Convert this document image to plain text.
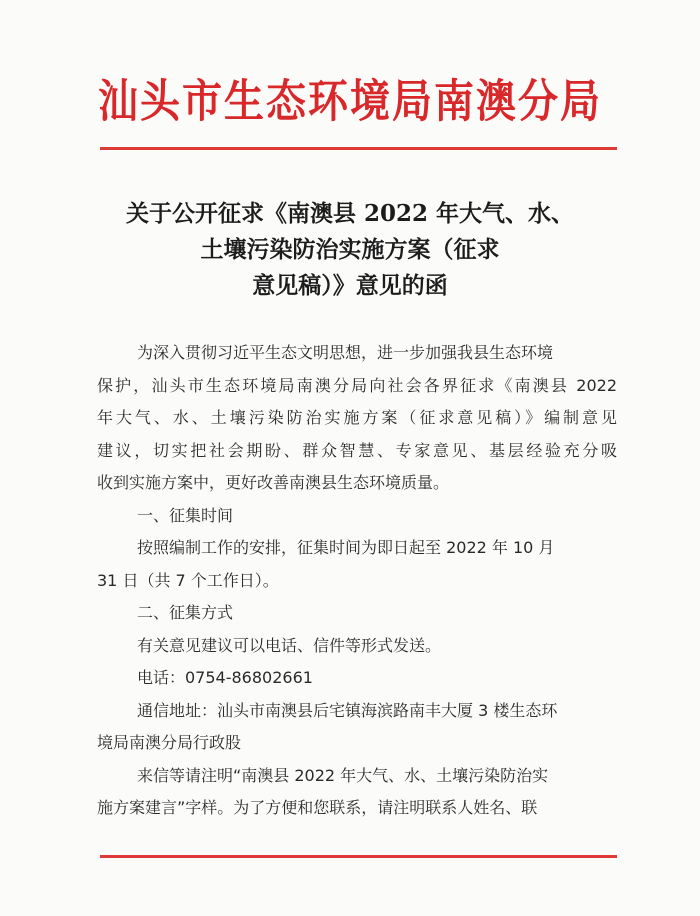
汕头市生态环境局南澳分局
关于公开征求《南澳县 2022 年大气、水、
土壤污染防治实施方案（征求
意见稿）》意见的函
为深入贯彻习近平生态文明思想，进一步加强我县生态环境
保护，汕头市生态环境局南澳分局向社会各界征求《南澳县 2022
年大气、水、土壤污染防治实施方案（征求意见稿）》编制意见
建议，切实把社会期盼、群众智慧、专家意见、基层经验充分吸
收到实施方案中，更好改善南澳县生态环境质量。
一、征集时间
按照编制工作的安排，征集时间为即日起至 2022 年 10 月
31 日（共 7 个工作日）。
二、征集方式
有关意见建议可以电话、信件等形式发送。
电话：0754-86802661
通信地址：汕头市南澳县后宅镇海滨路南丰大厦 3 楼生态环
境局南澳分局行政股
来信等请注明“南澳县 2022 年大气、水、土壤污染防治实
施方案建言”字样。为了方便和您联系，请注明联系人姓名、联
